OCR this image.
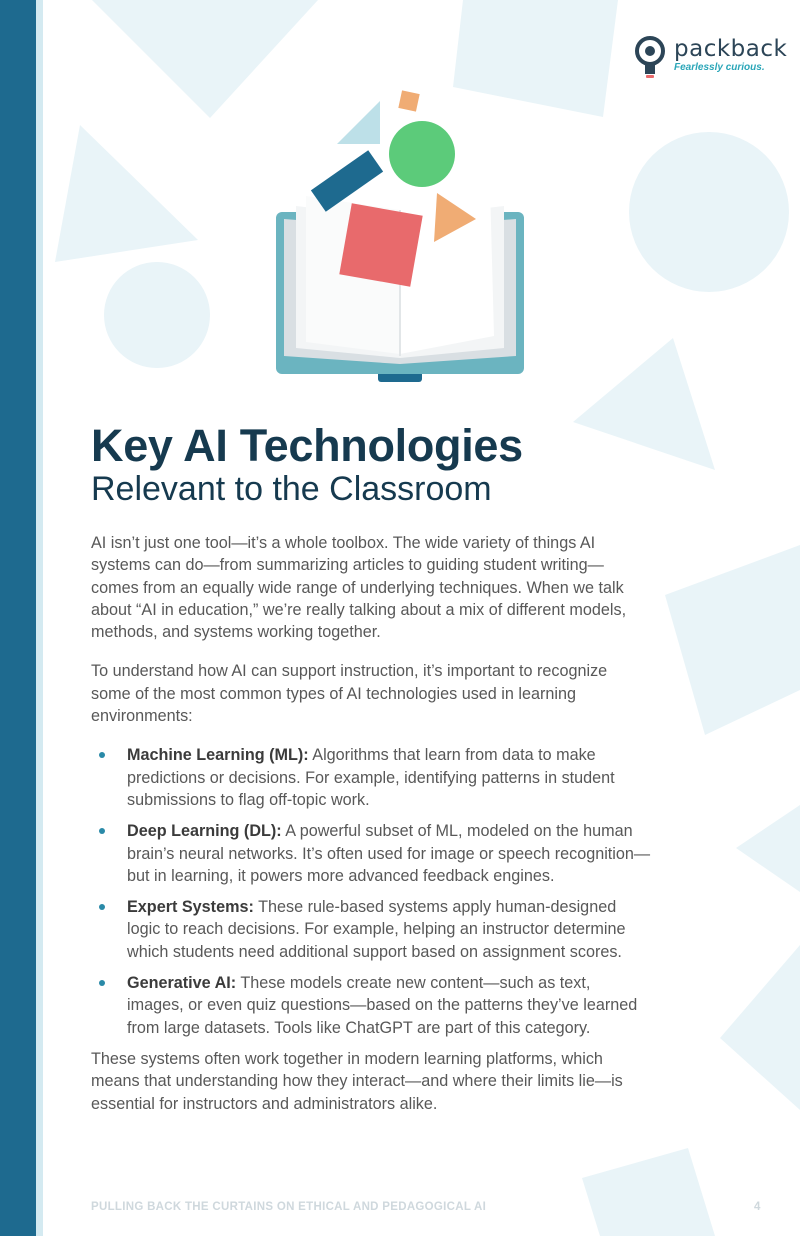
packback
Fearlessly curious.
Key AI Technologies
Relevant to the Classroom

AI isn’t just one tool—it’s a whole toolbox. The wide variety of things AI systems can do—from summarizing articles to guiding student writing—comes from an equally wide range of underlying techniques. When we talk about “AI in education,” we’re really talking about a mix of different models, methods, and systems working together.

To understand how AI can support instruction, it’s important to recognize some of the most common types of AI technologies used in learning environments:

Machine Learning (ML): Algorithms that learn from data to make predictions or decisions. For example, identifying patterns in student submissions to flag off-topic work.
Deep Learning (DL): A powerful subset of ML, modeled on the human brain’s neural networks. It’s often used for image or speech recognition—but in learning, it powers more advanced feedback engines.
Expert Systems: These rule-based systems apply human-designed logic to reach decisions. For example, helping an instructor determine which students need additional support based on assignment scores.
Generative AI: These models create new content—such as text, images, or even quiz questions—based on the patterns they’ve learned from large datasets. Tools like ChatGPT are part of this category.

These systems often work together in modern learning platforms, which means that understanding how they interact—and where their limits lie—is essential for instructors and administrators alike.

PULLING BACK THE CURTAINS ON ETHICAL AND PEDAGOGICAL AI	4
